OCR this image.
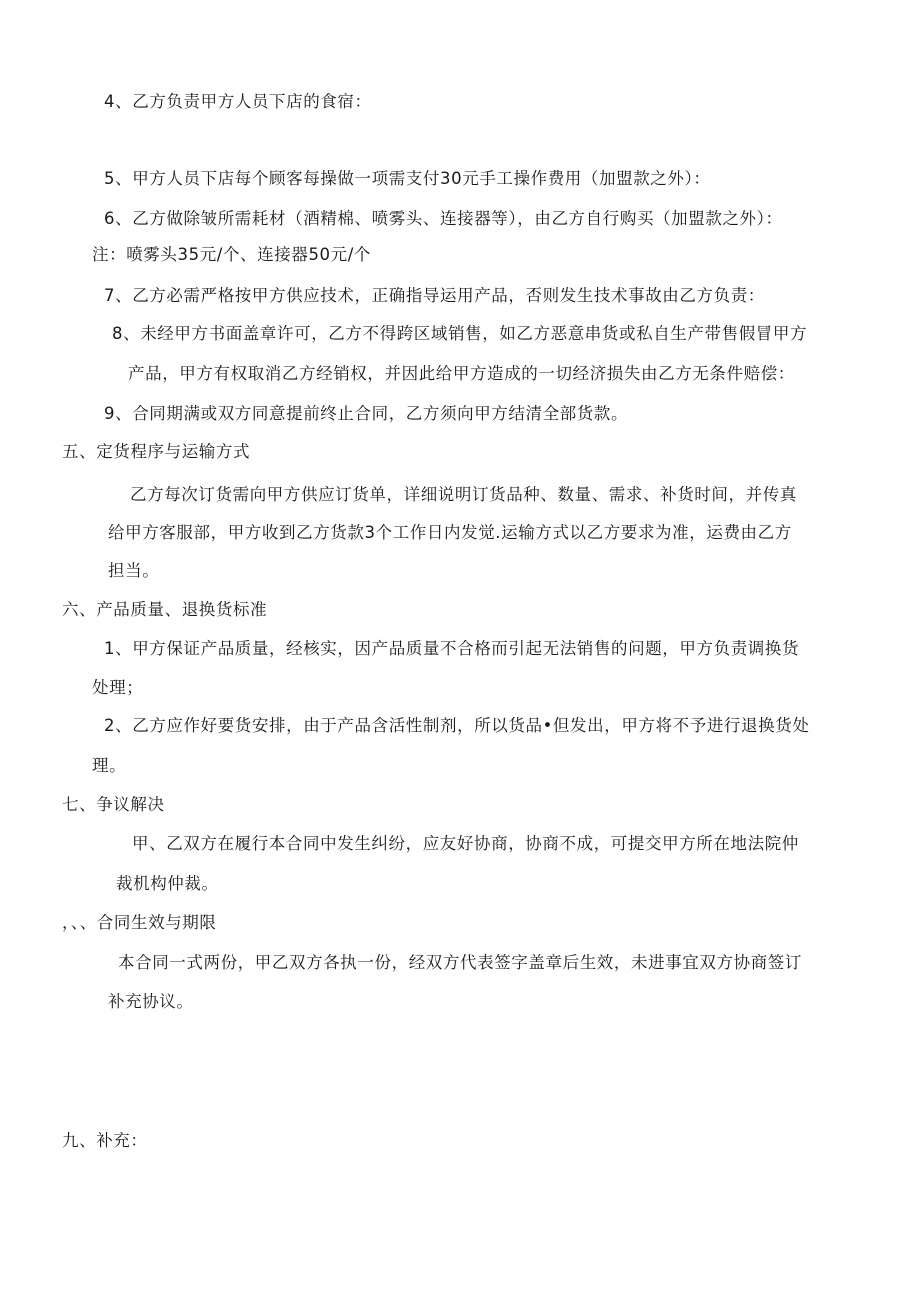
4、乙方负责甲方人员下店的食宿：
5、甲方人员下店每个顾客每操做一项需支付30元手工操作费用（加盟款之外）：
6、乙方做除皱所需耗材（酒精棉、喷雾头、连接器等），由乙方自行购买（加盟款之外）：
注：喷雾头35元/个、连接器50元/个
7、乙方必需严格按甲方供应技术，正确指导运用产品，否则发生技术事故由乙方负责：
8、未经甲方书面盖章许可，乙方不得跨区域销售，如乙方恶意串货或私自生产带售假冒甲方
产品，甲方有权取消乙方经销权，并因此给甲方造成的一切经济损失由乙方无条件赔偿：
9、合同期满或双方同意提前终止合同，乙方须向甲方结清全部货款。
五、定货程序与运输方式
乙方每次订货需向甲方供应订货单，详细说明订货品种、数量、需求、补货时间，并传真
给甲方客服部，甲方收到乙方货款3个工作日内发觉.运输方式以乙方要求为准，运费由乙方
担当。
六、产品质量、退换货标准
1、甲方保证产品质量，经核实，因产品质量不合格而引起无法销售的问题，甲方负责调换货
处理；
2、乙方应作好要货安排，由于产品含活性制剂，所以货品•但发出，甲方将不予进行退换货处
理。
七、争议解决
甲、乙双方在履行本合同中发生纠纷，应友好协商，协商不成，可提交甲方所在地法院仲
裁机构仲裁。
，、、合同生效与期限
本合同一式两份，甲乙双方各执一份，经双方代表签字盖章后生效，未进事宜双方协商签订
补充协议。
九、补充：
